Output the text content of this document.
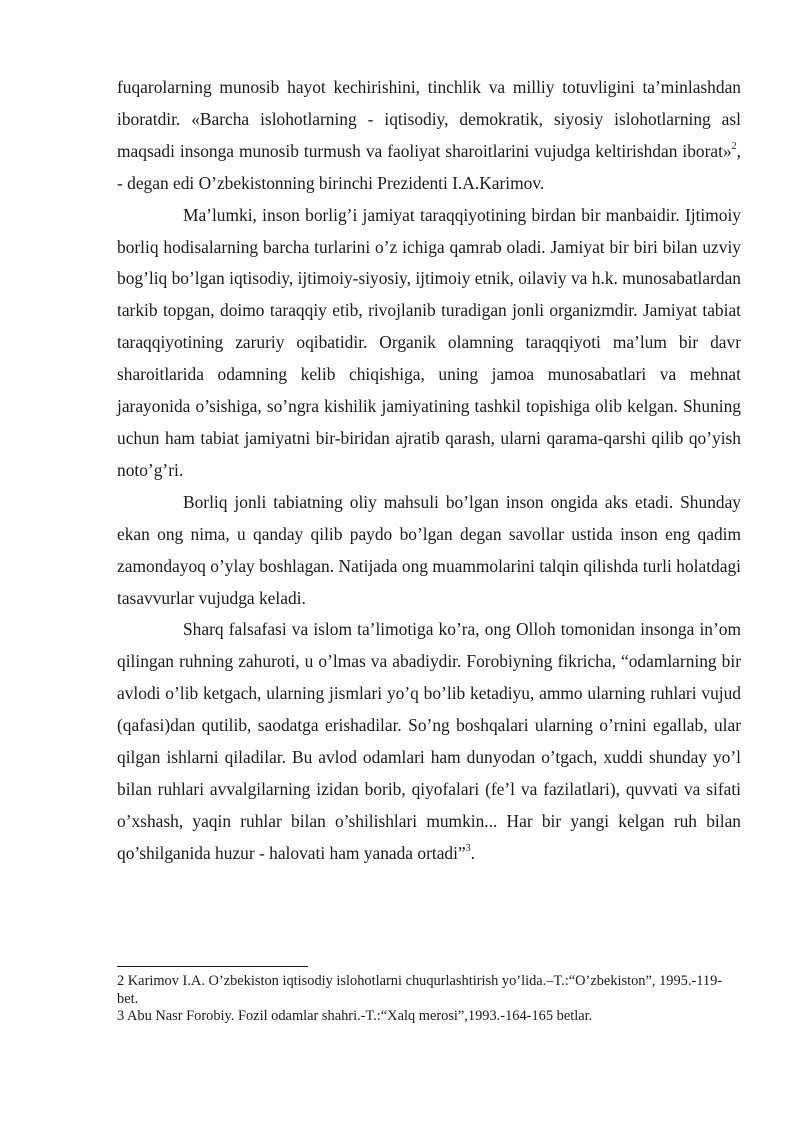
fuqarolarning munosib hayot kechirishini, tinchlik va milliy totuvligini ta’minlashdan iboratdir. «Barcha islohotlarning - iqtisodiy, demokratik, siyosiy islohotlarning asl maqsadi insonga munosib turmush va faoliyat sharoitlarini vujudga keltirishdan iborat»$^2$, - degan edi O’zbekistonning birinchi Prezidenti I.A.Karimov.

Ma’lumki, inson borlig’i jamiyat taraqqiyotining birdan bir manbaidir. Ijtimoiy borliq hodisalarning barcha turlarini o’z ichiga qamrab oladi. Jamiyat bir biri bilan uzviy bog’liq bo’lgan iqtisodiy, ijtimoiy-siyosiy, ijtimoiy etnik, oilaviy va h.k. munosabatlardan tarkib topgan, doimo taraqqiy etib, rivojlanib turadigan jonli organizmdir. Jamiyat tabiat taraqqiyotining zaruriy oqibatidir. Organik olamning taraqqiyoti ma’lum bir davr sharoitlarida odamning kelib chiqishiga, uning jamoa munosabatlari va mehnat jarayonida o’sishiga, so’ngra kishilik jamiyatining tashkil topishiga olib kelgan. Shuning uchun ham tabiat jamiyatni bir-biridan ajratib qarash, ularni qarama-qarshi qilib qo’yish noto’g’ri.

Borliq jonli tabiatning oliy mahsuli bo’lgan inson ongida aks etadi. Shunday ekan ong nima, u qanday qilib paydo bo’lgan degan savollar ustida inson eng qadim zamondayoq o’ylay boshlagan. Natijada ong muammolarini talqin qilishda turli holatdagi tasavvurlar vujudga keladi.

Sharq falsafasi va islom ta’limotiga ko’ra, ong Olloh tomonidan insonga in’om qilingan ruhning zahuroti, u o’lmas va abadiydir. Forobiyning fikricha, “odamlarning bir avlodi o’lib ketgach, ularning jismlari yo’q bo’lib ketadiyu, ammo ularning ruhlari vujud (qafasi)dan qutilib, saodatga erishadilar. So’ng boshqalari ularning o’rnini egallab, ular qilgan ishlarni qiladilar. Bu avlod odamlari ham dunyodan o’tgach, xuddi shunday yo’l bilan ruhlari avvalgilarning izidan borib, qiyofalari (fe’l va fazilatlari), quvvati va sifati o’xshash, yaqin ruhlar bilan o’shilishlari mumkin... Har bir yangi kelgan ruh bilan qo’shilganida huzur - halovati ham yanada ortadi”$^3$.

2 Karimov I.A. O’zbekiston iqtisodiy islohotlarni chuqurlashtirish yo’lida.–T.:“O’zbekiston”, 1995.-119-bet.

3 Abu Nasr Forobiy. Fozil odamlar shahri.-T.:“Xalq merosi”,1993.-164-165 betlar.
